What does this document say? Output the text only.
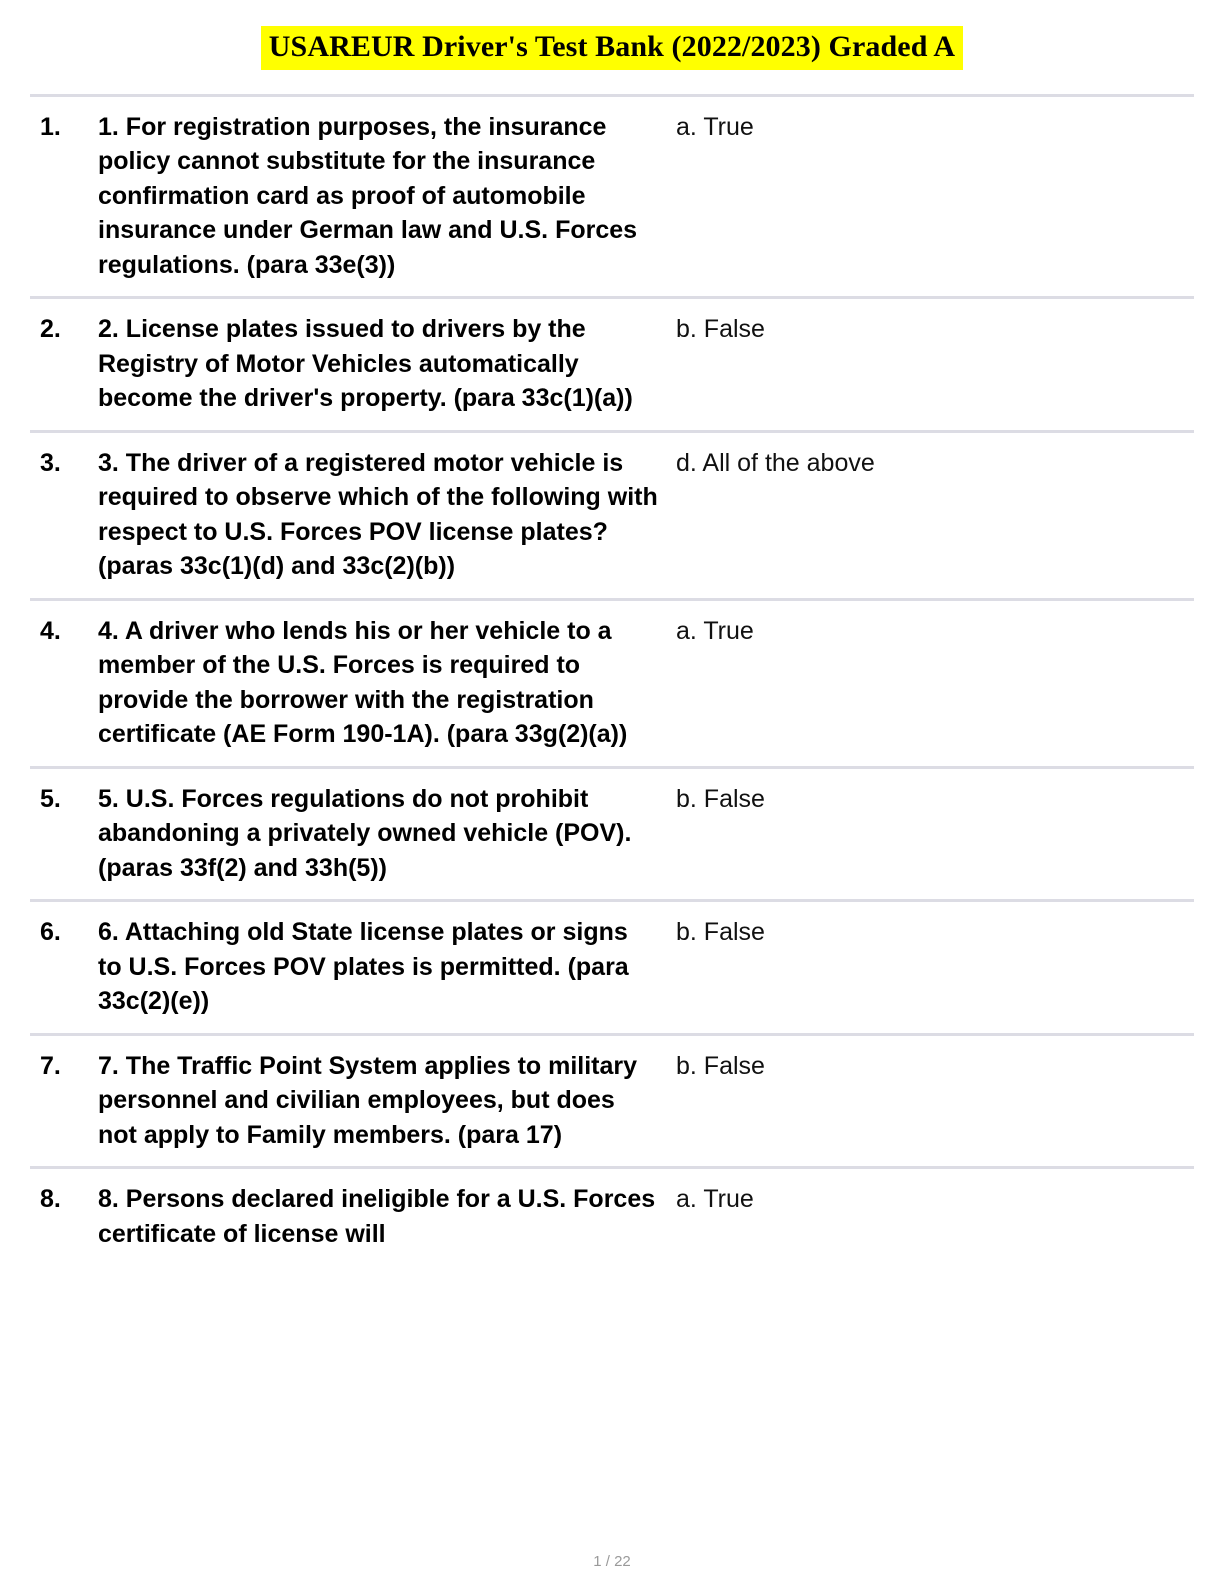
USAREUR Driver's Test Bank (2022/2023) Graded A
1.	1. For registration purposes, the insurance policy cannot substitute for the insurance confirmation card as proof of automobile insurance under German law and U.S. Forces regulations. (para 33e(3))	a. True
2.	2. License plates issued to drivers by the Registry of Motor Vehicles automatically become the driver's property. (para 33c(1)(a))	b. False
3.	3. The driver of a registered motor vehicle is required to observe which of the following with respect to U.S. Forces POV license plates? (paras 33c(1)(d) and 33c(2)(b))	d. All of the above
4.	4. A driver who lends his or her vehicle to a member of the U.S. Forces is required to provide the borrower with the registration certificate (AE Form 190-1A). (para 33g(2)(a))	a. True
5.	5. U.S. Forces regulations do not prohibit abandoning a privately owned vehicle (POV). (paras 33f(2) and 33h(5))	b. False
6.	6. Attaching old State license plates or signs to U.S. Forces POV plates is permitted. (para 33c(2)(e))	b. False
7.	7. The Traffic Point System applies to military personnel and civilian employees, but does not apply to Family members. (para 17)	b. False
8.	8. Persons declared ineligible for a U.S. Forces certificate of license will	a. True
1 / 22
